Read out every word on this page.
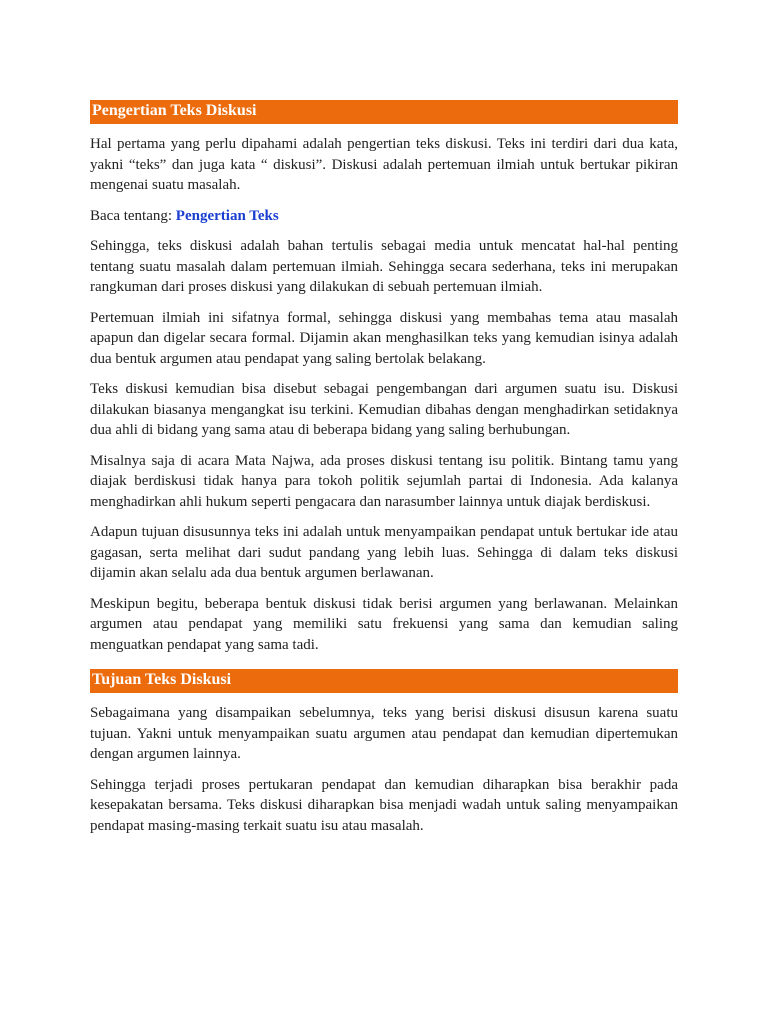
Pengertian Teks Diskusi

Hal pertama yang perlu dipahami adalah pengertian teks diskusi. Teks ini terdiri dari dua kata, yakni “teks” dan juga kata “ diskusi”. Diskusi adalah pertemuan ilmiah untuk bertukar pikiran mengenai suatu masalah.

Baca tentang: Pengertian Teks

Sehingga, teks diskusi adalah bahan tertulis sebagai media untuk mencatat hal-hal penting tentang suatu masalah dalam pertemuan ilmiah. Sehingga secara sederhana, teks ini merupakan rangkuman dari proses diskusi yang dilakukan di sebuah pertemuan ilmiah.

Pertemuan ilmiah ini sifatnya formal, sehingga diskusi yang membahas tema atau masalah apapun dan digelar secara formal. Dijamin akan menghasilkan teks yang kemudian isinya adalah dua bentuk argumen atau pendapat yang saling bertolak belakang.

Teks diskusi kemudian bisa disebut sebagai pengembangan dari argumen suatu isu. Diskusi dilakukan biasanya mengangkat isu terkini. Kemudian dibahas dengan menghadirkan setidaknya dua ahli di bidang yang sama atau di beberapa bidang yang saling berhubungan.

Misalnya saja di acara Mata Najwa, ada proses diskusi tentang isu politik. Bintang tamu yang diajak berdiskusi tidak hanya para tokoh politik sejumlah partai di Indonesia. Ada kalanya menghadirkan ahli hukum seperti pengacara dan narasumber lainnya untuk diajak berdiskusi.

Adapun tujuan disusunnya teks ini adalah untuk menyampaikan pendapat untuk bertukar ide atau gagasan, serta melihat dari sudut pandang yang lebih luas. Sehingga di dalam teks diskusi dijamin akan selalu ada dua bentuk argumen berlawanan.

Meskipun begitu, beberapa bentuk diskusi tidak berisi argumen yang berlawanan. Melainkan argumen atau pendapat yang memiliki satu frekuensi yang sama dan kemudian saling menguatkan pendapat yang sama tadi.

Tujuan Teks Diskusi

Sebagaimana yang disampaikan sebelumnya, teks yang berisi diskusi disusun karena suatu tujuan. Yakni untuk menyampaikan suatu argumen atau pendapat dan kemudian dipertemukan dengan argumen lainnya.

Sehingga terjadi proses pertukaran pendapat dan kemudian diharapkan bisa berakhir pada kesepakatan bersama. Teks diskusi diharapkan bisa menjadi wadah untuk saling menyampaikan pendapat masing-masing terkait suatu isu atau masalah.
